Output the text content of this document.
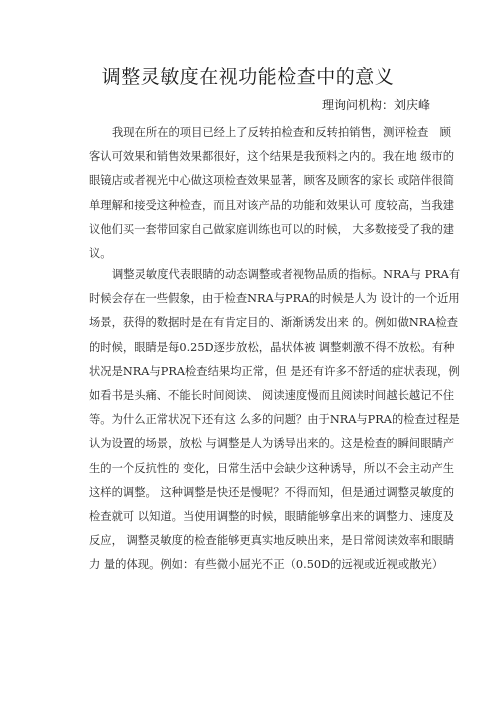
调整灵敏度在视功能检查中的意义
理询问机构：刘庆峰
我现在所在的项目已经上了反转拍检查和反转拍销售，测评检查　顾
客认可效果和销售效果都很好，这个结果是我预料之内的。我在地 级市的
眼镜店或者视光中心做这项检查效果显著，顾客及顾客的家长 或陪伴很简
单理解和接受这种检查，而且对该产品的功能和效果认可 度较高，当我建
议他们买一套带回家自己做家庭训练也可以的时候， 大多数接受了我的建
议。
调整灵敏度代表眼睛的动态调整或者视物品质的指标。NRA与 PRA有
时候会存在一些假象，由于检查NRA与PRA的时候是人为 设计的一个近用
场景，获得的数据时是在有肯定目的、渐渐诱发出来 的。例如做NRA检查
的时候，眼睛是每0.25D逐步放松，晶状体被 调整刺激不得不放松。有种
状况是NRA与PRA检查结果均正常，但 是还有许多不舒适的症状表现，例
如看书是头痛、不能长时间阅读、 阅读速度慢而且阅读时间越长越记不住
等。为什么正常状况下还有这 么多的问题？由于NRA与PRA的检查过程是
认为设置的场景，放松 与调整是人为诱导出来的。这是检查的瞬间眼睛产
生的一个反抗性的 变化，日常生活中会缺少这种诱导，所以不会主动产生
这样的调整。 这种调整是快还是慢呢？不得而知，但是通过调整灵敏度的
检查就可 以知道。当使用调整的时候，眼睛能够拿出来的调整力、速度及
反应， 调整灵敏度的检查能够更真实地反映出来，是日常阅读效率和眼睛
力 量的体现。例如：有些微小屈光不正（0.50D的远视或近视或散光）
